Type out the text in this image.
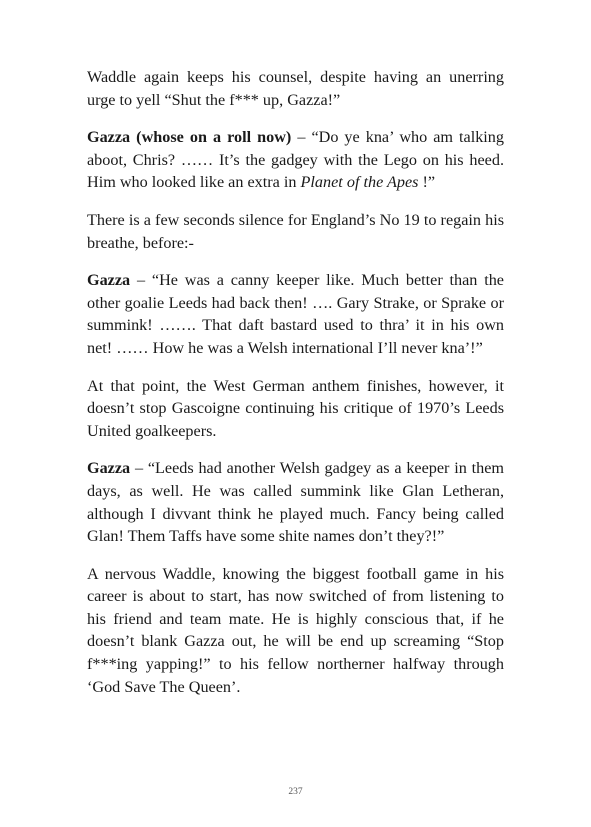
Waddle again keeps his counsel, despite having an unerring urge to yell “Shut the f*** up, Gazza!”

Gazza (whose on a roll now) – “Do ye kna’ who am talking aboot, Chris? …… It’s the gadgey with the Lego on his heed. Him who looked like an extra in Planet of the Apes !”

There is a few seconds silence for England’s No 19 to regain his breathe, before:-

Gazza – “He was a canny keeper like. Much better than the other goalie Leeds had back then! …. Gary Strake, or Sprake or summink! ……. That daft bastard used to thra’ it in his own net! …… How he was a Welsh international I’ll never kna’!”

At that point, the West German anthem finishes, however, it doesn’t stop Gascoigne continuing his critique of 1970’s Leeds United goalkeepers.

Gazza – “Leeds had another Welsh gadgey as a keeper in them days, as well. He was called summink like Glan Letheran, although I divvant think he played much. Fancy being called Glan! Them Taffs have some shite names don’t they?!”

A nervous Waddle, knowing the biggest football game in his career is about to start, has now switched of from listening to his friend and team mate. He is highly conscious that, if he doesn’t blank Gazza out, he will be end up screaming “Stop f***ing yapping!” to his fellow northerner halfway through ‘God Save The Queen’.

237
